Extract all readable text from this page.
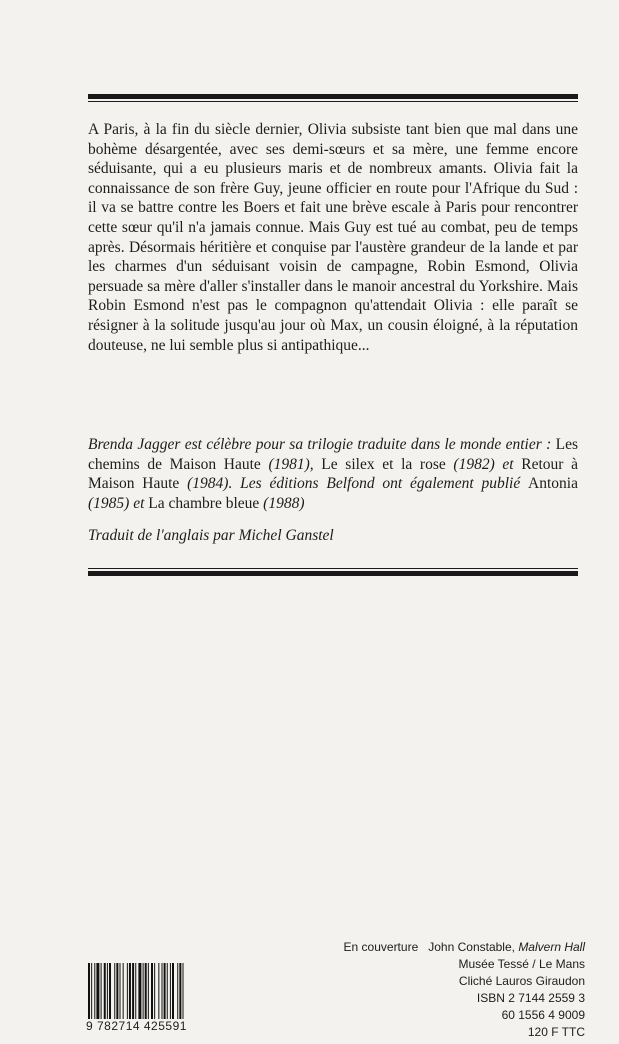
A Paris, à la fin du siècle dernier, Olivia subsiste tant bien que mal dans une bohème désargentée, avec ses demi-sœurs et sa mère, une femme encore séduisante, qui a eu plusieurs maris et de nombreux amants. Olivia fait la connaissance de son frère Guy, jeune officier en route pour l'Afrique du Sud : il va se battre contre les Boers et fait une brève escale à Paris pour rencontrer cette sœur qu'il n'a jamais connue. Mais Guy est tué au combat, peu de temps après. Désormais héritière et conquise par l'austère grandeur de la lande et par les charmes d'un séduisant voisin de campagne, Robin Esmond, Olivia persuade sa mère d'aller s'installer dans le manoir ancestral du Yorkshire. Mais Robin Esmond n'est pas le compagnon qu'attendait Olivia : elle paraît se résigner à la solitude jusqu'au jour où Max, un cousin éloigné, à la réputation douteuse, ne lui semble plus si antipathique...

Brenda Jagger est célèbre pour sa trilogie traduite dans le monde entier : Les chemins de Maison Haute (1981), Le silex et la rose (1982) et Retour à Maison Haute (1984). Les éditions Belfond ont également publié Antonia (1985) et La chambre bleue (1988)

Traduit de l'anglais par Michel Ganstel

En couverture John Constable, Malvern Hall
Musée Tessé / Le Mans
Cliché Lauros Giraudon
ISBN 2 7144 2559 3
60 1556 4 9009
120 F TTC
9 782714 425591
